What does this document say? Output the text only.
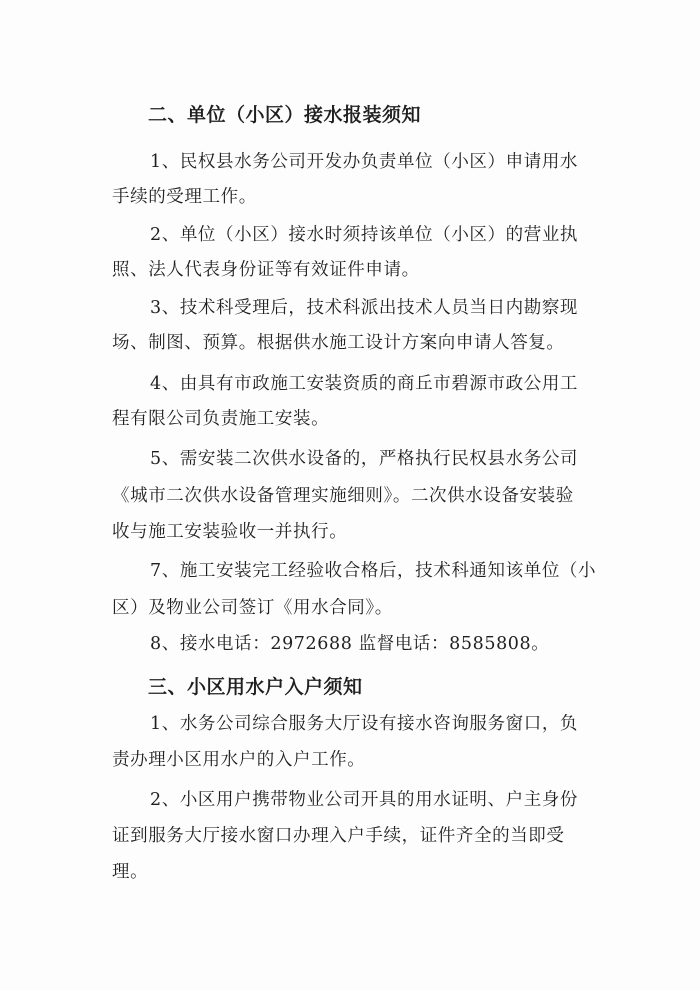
二、单位（小区）接水报装须知
1、民权县水务公司开发办负责单位（小区）申请用水
手续的受理工作。
2、单位（小区）接水时须持该单位（小区）的营业执
照、法人代表身份证等有效证件申请。
3、技术科受理后，技术科派出技术人员当日内勘察现
场、制图、预算。根据供水施工设计方案向申请人答复。
4、由具有市政施工安装资质的商丘市碧源市政公用工
程有限公司负责施工安装。
5、需安装二次供水设备的，严格执行民权县水务公司
《城市二次供水设备管理实施细则》。二次供水设备安装验
收与施工安装验收一并执行。
7、施工安装完工经验收合格后，技术科通知该单位（小
区）及物业公司签订《用水合同》。
8、接水电话：2972688 监督电话：8585808。
三、小区用水户入户须知
1、水务公司综合服务大厅设有接水咨询服务窗口，负
责办理小区用水户的入户工作。
2、小区用户携带物业公司开具的用水证明、户主身份
证到服务大厅接水窗口办理入户手续，证件齐全的当即受
理。
